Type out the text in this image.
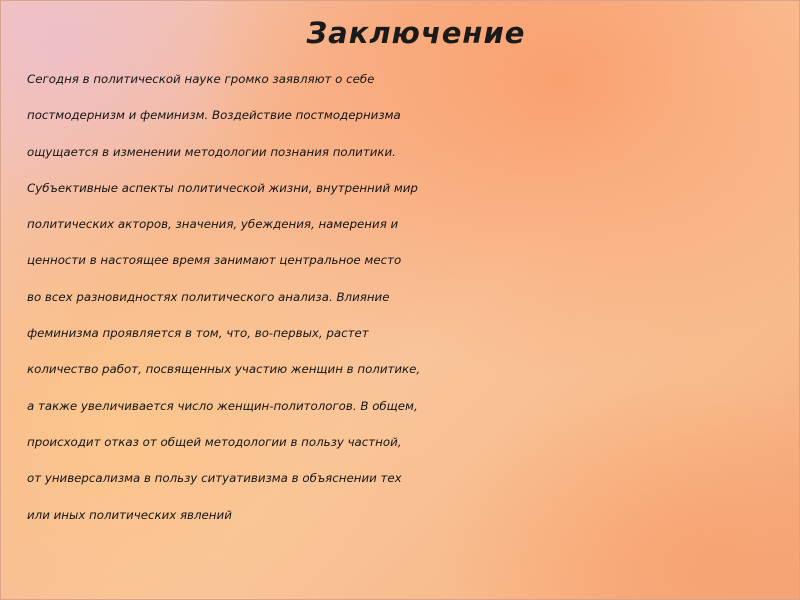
Заключение
Сегодня в политической науке громко заявляют о себе
постмодернизм и феминизм. Воздействие постмодернизма
ощущается в изменении методологии познания политики.
Субъективные аспекты политической жизни, внутренний мир
политических акторов, значения, убеждения, намерения и
ценности в настоящее время занимают центральное место
во всех разновидностях политического анализа. Влияние
феминизма проявляется в том, что, во-первых, растет
количество работ, посвященных участию женщин в политике,
а также увеличивается число женщин-политологов. В общем,
происходит отказ от общей методологии в пользу частной,
от универсализма в пользу ситуативизма в объяснении тех
или иных политических явлений
